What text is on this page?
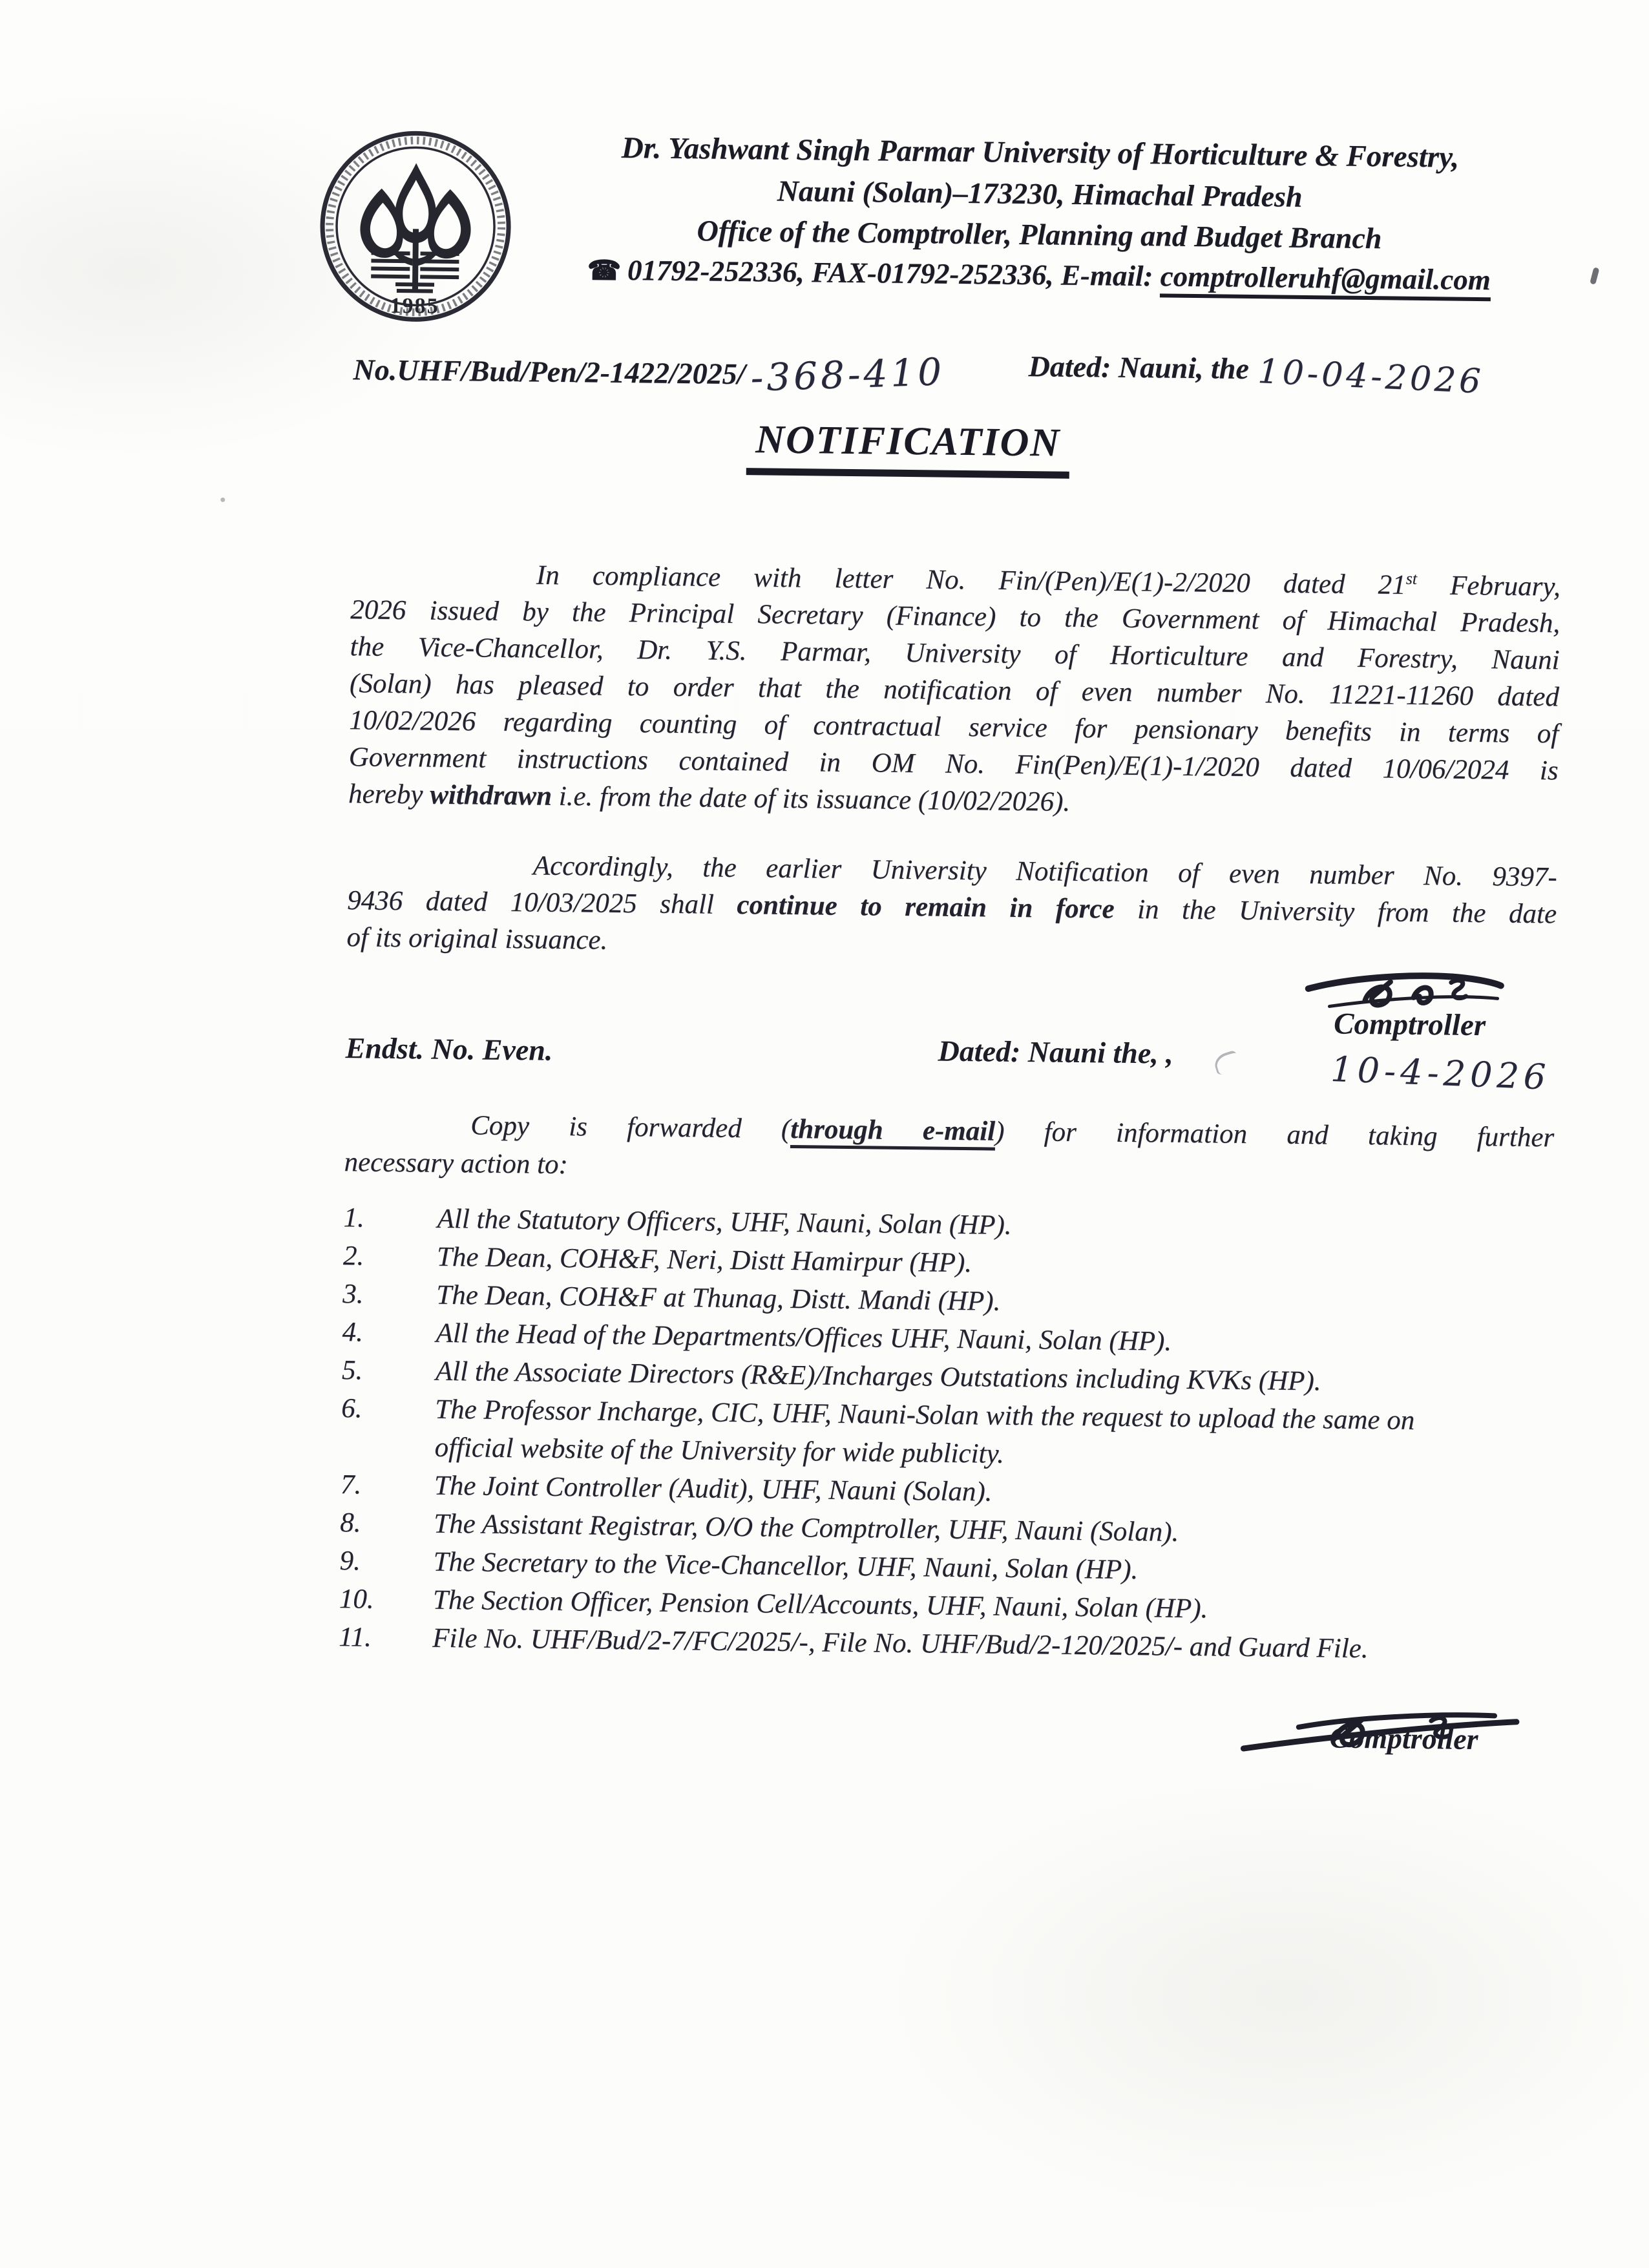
1985
Dr. Yashwant Singh Parmar University of Horticulture & Forestry,
Nauni (Solan)–173230, Himachal Pradesh
Office of the Comptroller, Planning and Budget Branch
☎ 01792-252336, FAX-01792-252336, E-mail: comptrolleruhf@gmail.com
No.UHF/Bud/Pen/2-1422/2025/ -368-410	Dated: Nauni, the 10-04-2026
NOTIFICATION
In compliance with letter No. Fin/(Pen)/E(1)-2/2020 dated 21st February,
2026 issued by the Principal Secretary (Finance) to the Government of Himachal Pradesh,
the Vice-Chancellor, Dr. Y.S. Parmar, University of Horticulture and Forestry, Nauni
(Solan) has pleased to order that the notification of even number No. 11221-11260 dated
10/02/2026 regarding counting of contractual service for pensionary benefits in terms of
Government instructions contained in OM No. Fin(Pen)/E(1)-1/2020 dated 10/06/2024 is
hereby withdrawn i.e. from the date of its issuance (10/02/2026).
Accordingly, the earlier University Notification of even number No. 9397-
9436 dated 10/03/2025 shall continue to remain in force in the University from the date
of its original issuance.
Comptroller
10-4-2026
Endst. No. Even.	Dated: Nauni the, ,
Copy is forwarded (through e-mail) for information and taking further
necessary action to:
1.	All the Statutory Officers, UHF, Nauni, Solan (HP).
2.	The Dean, COH&F, Neri, Distt Hamirpur (HP).
3.	The Dean, COH&F at Thunag, Distt. Mandi (HP).
4.	All the Head of the Departments/Offices UHF, Nauni, Solan (HP).
5.	All the Associate Directors (R&E)/Incharges Outstations including KVKs (HP).
6.	The Professor Incharge, CIC, UHF, Nauni-Solan with the request to upload the same on official website of the University for wide publicity.
7.	The Joint Controller (Audit), UHF, Nauni (Solan).
8.	The Assistant Registrar, O/O the Comptroller, UHF, Nauni (Solan).
9.	The Secretary to the Vice-Chancellor, UHF, Nauni, Solan (HP).
10.	The Section Officer, Pension Cell/Accounts, UHF, Nauni, Solan (HP).
11.	File No. UHF/Bud/2-7/FC/2025/-, File No. UHF/Bud/2-120/2025/- and Guard File.
Comptroller
